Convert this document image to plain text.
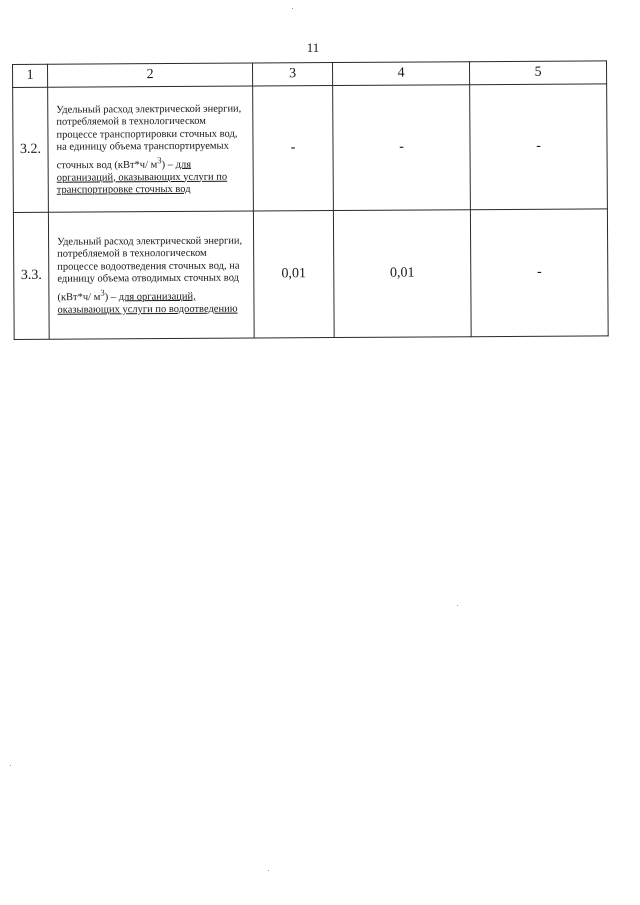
11
1	2	3	4	5
3.2.	Удельный расход электрической энергии, потребляемой в технологическом процессе транспортировки сточных вод, на единицу объема транспортируемых сточных вод (кВт*ч/ $м^3$) – для организаций, оказывающих услуги по транспортировке сточных вод	-	-	-
3.3.	Удельный расход электрической энергии, потребляемой в технологическом процессе водоотведения сточных вод, на единицу объема отводимых сточных вод (кВт*ч/ $м^3$) – для организаций, оказывающих услуги по водоотведению	0,01	0,01	-
